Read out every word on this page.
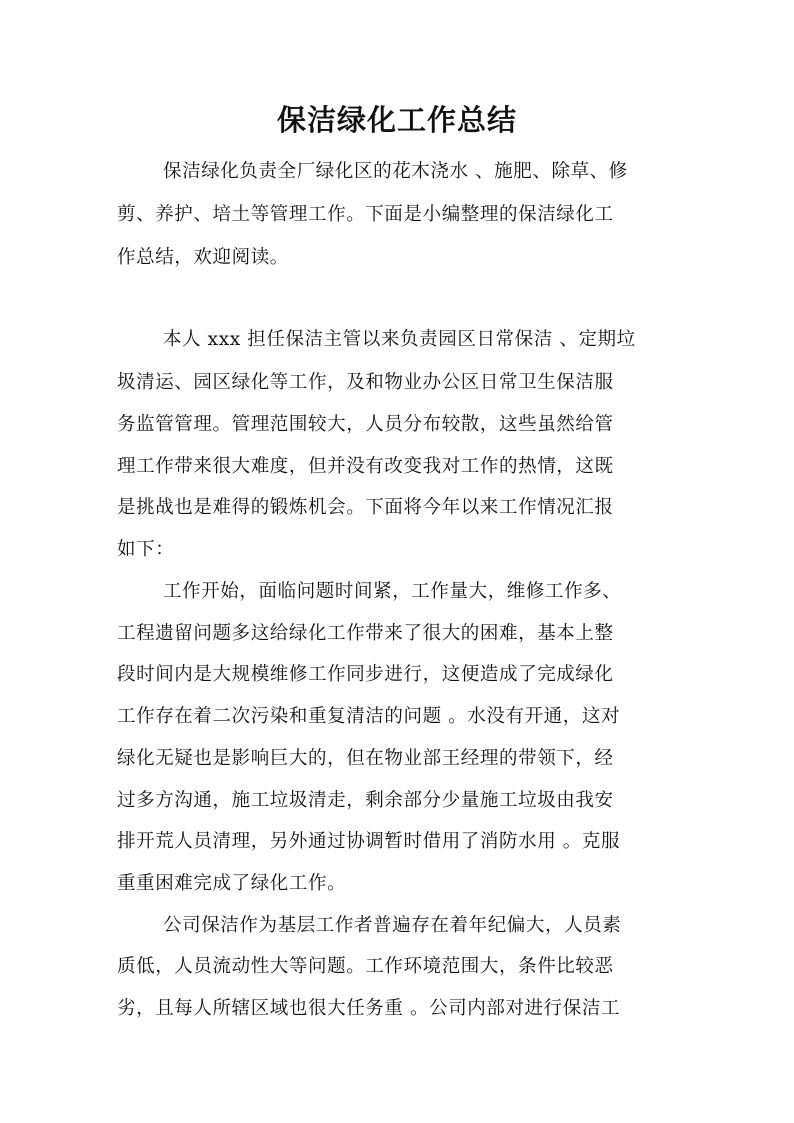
保洁绿化工作总结

保洁绿化负责全厂绿化区的花木浇水 、施肥、除草、修

剪、养护、培土等管理工作。下面是小编整理的保洁绿化工

作总结，欢迎阅读。

本人 xxx 担任保洁主管以来负责园区日常保洁 、定期垃

圾清运、园区绿化等工作，及和物业办公区日常卫生保洁服

务监管管理。管理范围较大，人员分布较散，这些虽然给管

理工作带来很大难度，但并没有改变我对工作的热情，这既

是挑战也是难得的锻炼机会。下面将今年以来工作情况汇报

如下：

工作开始，面临问题时间紧，工作量大，维修工作多、

工程遗留问题多这给绿化工作带来了很大的困难，基本上整

段时间内是大规模维修工作同步进行，这便造成了完成绿化

工作存在着二次污染和重复清洁的问题 。水没有开通，这对

绿化无疑也是影响巨大的，但在物业部王经理的带领下，经

过多方沟通，施工垃圾清走，剩余部分少量施工垃圾由我安

排开荒人员清理，另外通过协调暂时借用了消防水用 。克服

重重困难完成了绿化工作。

公司保洁作为基层工作者普遍存在着年纪偏大，人员素

质低，人员流动性大等问题。工作环境范围大，条件比较恶

劣，且每人所辖区域也很大任务重 。公司内部对进行保洁工
